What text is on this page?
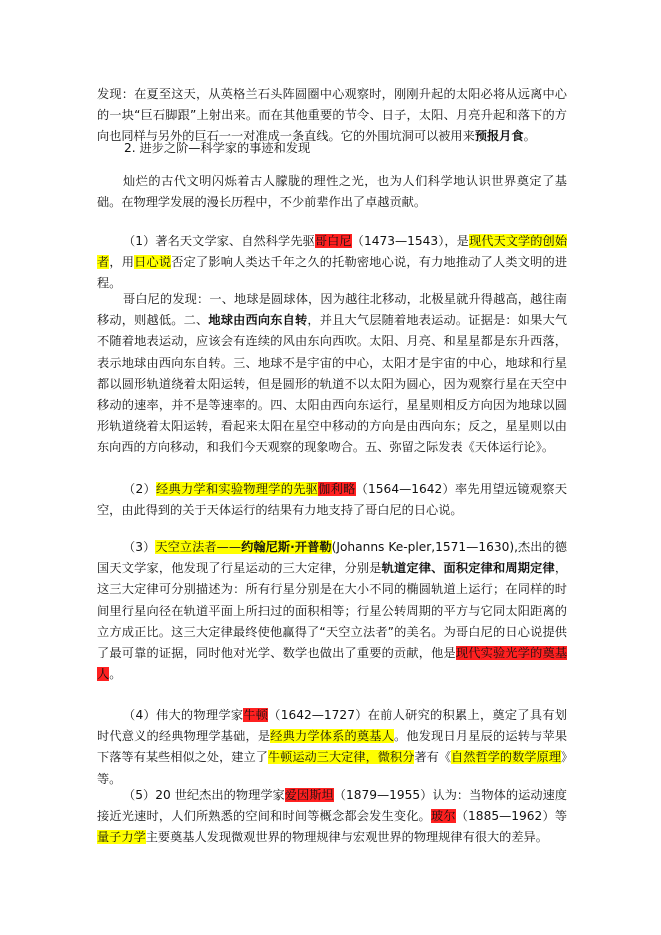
发现：在夏至这天，从英格兰石头阵圆圈中心观察时，刚刚升起的太阳必将从远离中心的一块“巨石脚跟”上射出来。而在其他重要的节令、日子，太阳、月亮升起和落下的方向也同样与另外的巨石一一对准成一条直线。它的外围坑洞可以被用来预报月食。

2. 进步之阶—科学家的事迹和发现

灿烂的古代文明闪烁着古人朦胧的理性之光，也为人们科学地认识世界奠定了基础。在物理学发展的漫长历程中，不少前辈作出了卓越贡献。

（1）著名天文学家、自然科学先驱哥白尼（1473—1543），是现代天文学的创始者，用日心说否定了影响人类达千年之久的托勒密地心说，有力地推动了人类文明的进程。

哥白尼的发现：一、地球是圆球体，因为越往北移动，北极星就升得越高，越往南移动，则越低。二、地球由西向东自转，并且大气层随着地表运动。证据是：如果大气不随着地表运动，应该会有连续的风由东向西吹。太阳、月亮、和星星都是东升西落，表示地球由西向东自转。三、地球不是宇宙的中心，太阳才是宇宙的中心，地球和行星都以圆形轨道绕着太阳运转，但是圆形的轨道不以太阳为圆心，因为观察行星在天空中移动的速率，并不是等速率的。四、太阳由西向东运行，星星则相反方向因为地球以圆形轨道绕着太阳运转，看起来太阳在星空中移动的方向是由西向东；反之，星星则以由东向西的方向移动，和我们今天观察的现象吻合。五、弥留之际发表《天体运行论》。

（2）经典力学和实验物理学的先驱伽利略（1564—1642）率先用望远镜观察天空，由此得到的关于天体运行的结果有力地支持了哥白尼的日心说。

（3）天空立法者——约翰尼斯·开普勒(Johanns Ke-pler,1571—1630),杰出的德国天文学家，他发现了行星运动的三大定律，分别是轨道定律、面积定律和周期定律，这三大定律可分别描述为：所有行星分别是在大小不同的椭圆轨道上运行；在同样的时间里行星向径在轨道平面上所扫过的面积相等；行星公转周期的平方与它同太阳距离的立方成正比。这三大定律最终使他赢得了“天空立法者”的美名。为哥白尼的日心说提供了最可靠的证据，同时他对光学、数学也做出了重要的贡献，他是现代实验光学的奠基人。

（4）伟大的物理学家牛顿（1642—1727）在前人研究的积累上，奠定了具有划时代意义的经典物理学基础，是经典力学体系的奠基人。他发现日月星辰的运转与苹果下落等有某些相似之处，建立了牛顿运动三大定律，微积分著有《自然哲学的数学原理》等。

（5）20 世纪杰出的物理学家爱因斯坦（1879—1955）认为：当物体的运动速度接近光速时，人们所熟悉的空间和时间等概念都会发生变化。玻尔（1885—1962）等量子力学主要奠基人发现微观世界的物理规律与宏观世界的物理规律有很大的差异。
